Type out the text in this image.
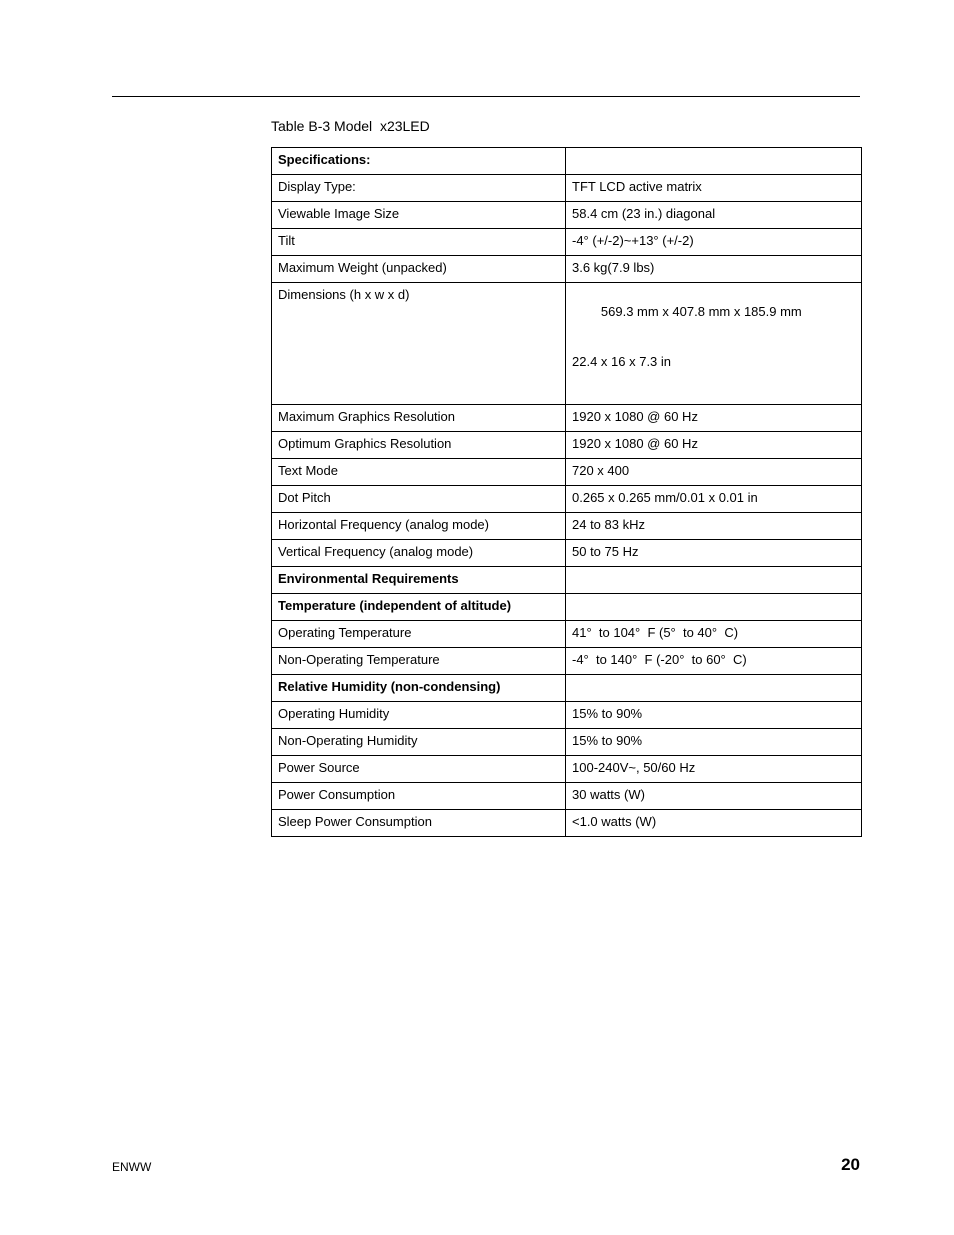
Table B-3 Model  x23LED
Specifications:	
Display Type:	TFT LCD active matrix
Viewable Image Size	58.4 cm (23 in.) diagonal
Tilt	-4° (+/-2)~+13° (+/-2)
Maximum Weight (unpacked)	3.6 kg(7.9 lbs)
Dimensions (h x w x d)	569.3 mm x 407.8 mm x 185.9 mm

22.4 x 16 x 7.3 in

Maximum Graphics Resolution	1920 x 1080 @ 60 Hz
Optimum Graphics Resolution	1920 x 1080 @ 60 Hz
Text Mode	720 x 400
Dot Pitch	0.265 x 0.265 mm/0.01 x 0.01 in
Horizontal Frequency (analog mode)	24 to 83 kHz
Vertical Frequency (analog mode)	50 to 75 Hz
Environmental Requirements	
Temperature (independent of altitude)	
Operating Temperature	41°  to 104°  F (5°  to 40°  C)
Non-Operating Temperature	-4°  to 140°  F (-20°  to 60°  C)
Relative Humidity (non-condensing)	
Operating Humidity	15% to 90%
Non-Operating Humidity	15% to 90%
Power Source	100-240V~, 50/60 Hz
Power Consumption	30 watts (W)
Sleep Power Consumption	<1.0 watts (W)
ENWW	20
